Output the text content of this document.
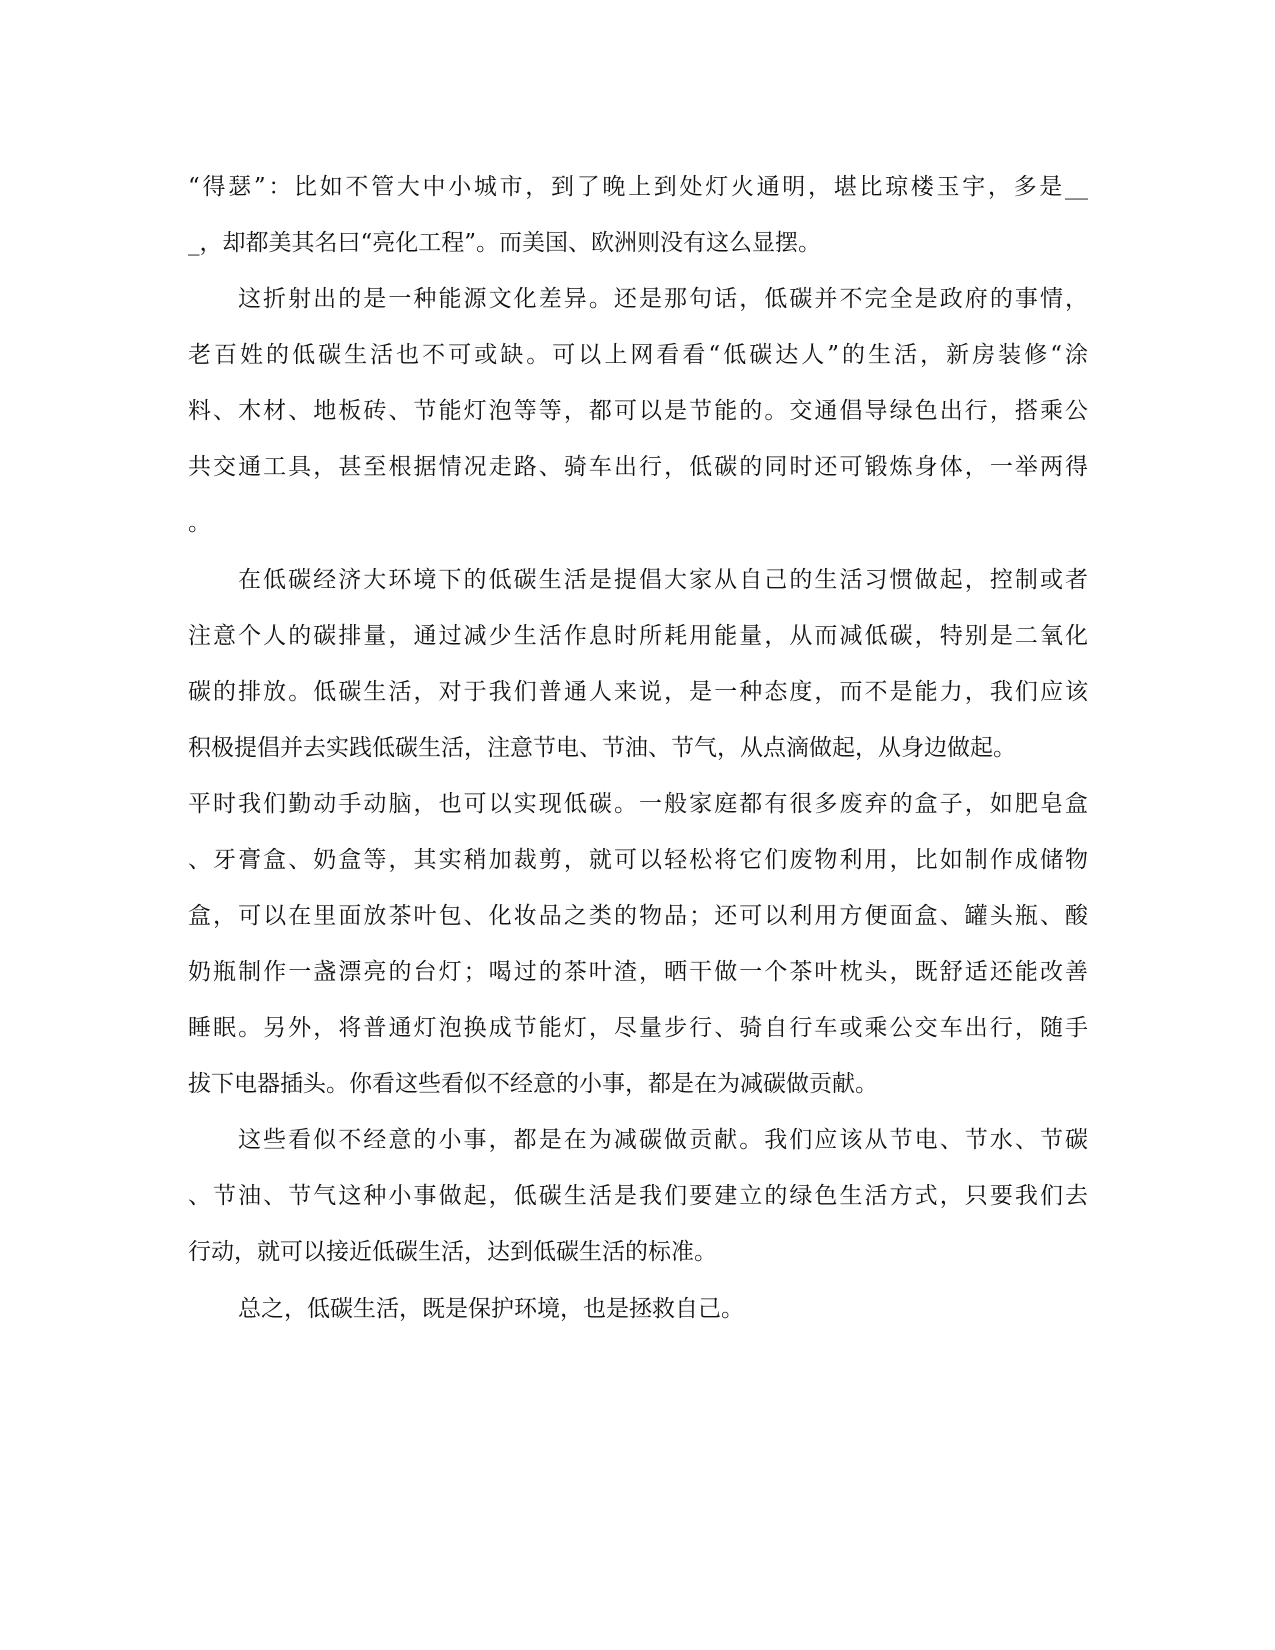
“得瑟”：比如不管大中小城市，到了晚上到处灯火通明，堪比琼楼玉宇，多是__
_，却都美其名曰“亮化工程”。而美国、欧洲则没有这么显摆。
这折射出的是一种能源文化差异。还是那句话，低碳并不完全是政府的事情，
老百姓的低碳生活也不可或缺。可以上网看看“低碳达人”的生活，新房装修“涂
料、木材、地板砖、节能灯泡等等，都可以是节能的。交通倡导绿色出行，搭乘公
共交通工具，甚至根据情况走路、骑车出行，低碳的同时还可锻炼身体，一举两得
。
在低碳经济大环境下的低碳生活是提倡大家从自己的生活习惯做起，控制或者
注意个人的碳排量，通过减少生活作息时所耗用能量，从而减低碳，特别是二氧化
碳的排放。低碳生活，对于我们普通人来说，是一种态度，而不是能力，我们应该
积极提倡并去实践低碳生活，注意节电、节油、节气，从点滴做起，从身边做起。
平时我们勤动手动脑，也可以实现低碳。一般家庭都有很多废弃的盒子，如肥皂盒
、牙膏盒、奶盒等，其实稍加裁剪，就可以轻松将它们废物利用，比如制作成储物
盒，可以在里面放茶叶包、化妆品之类的物品；还可以利用方便面盒、罐头瓶、酸
奶瓶制作一盏漂亮的台灯；喝过的茶叶渣，晒干做一个茶叶枕头，既舒适还能改善
睡眠。另外，将普通灯泡换成节能灯，尽量步行、骑自行车或乘公交车出行，随手
拔下电器插头。你看这些看似不经意的小事，都是在为减碳做贡献。
这些看似不经意的小事，都是在为减碳做贡献。我们应该从节电、节水、节碳
、节油、节气这种小事做起，低碳生活是我们要建立的绿色生活方式，只要我们去
行动，就可以接近低碳生活，达到低碳生活的标准。
总之，低碳生活，既是保护环境，也是拯救自己。
